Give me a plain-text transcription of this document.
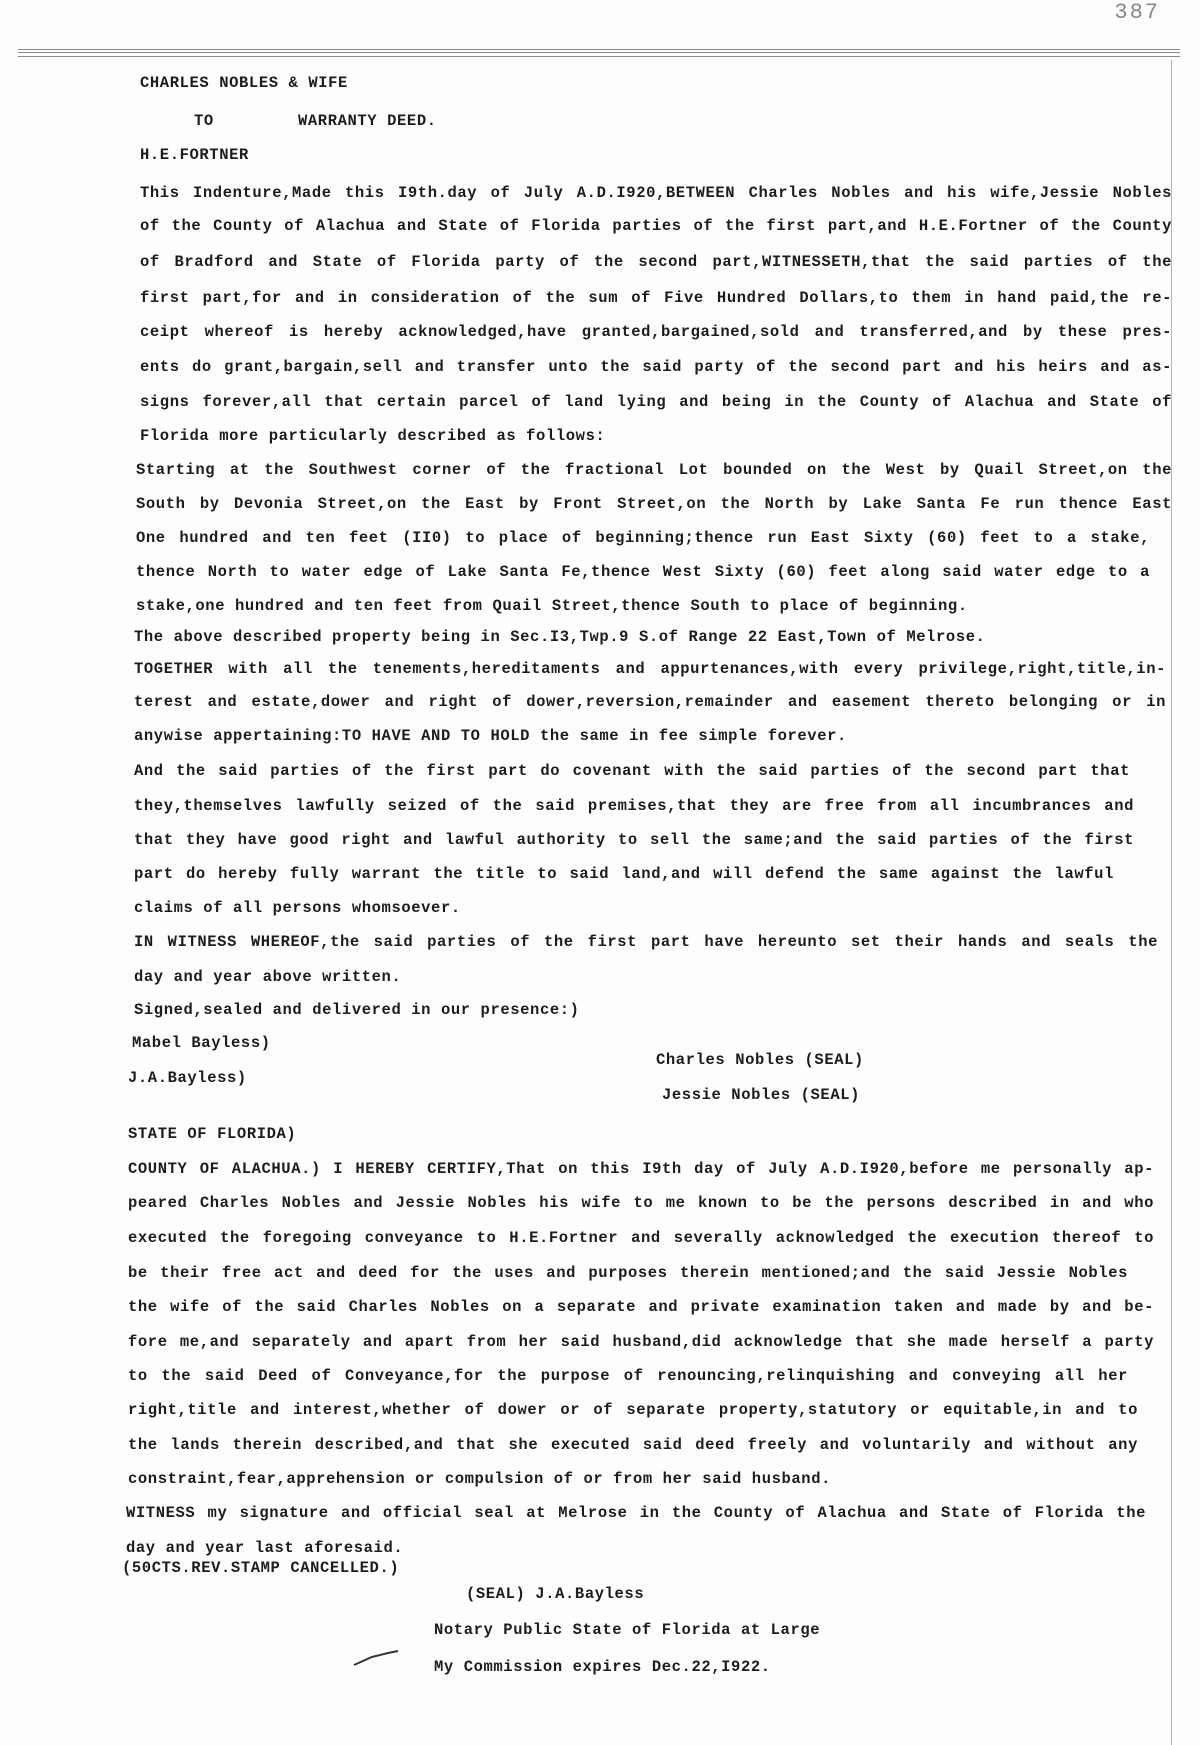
387
CHARLES NOBLES & WIFE
TO	WARRANTY DEED.
H.E.FORTNER
This Indenture,Made this I9th.day of July A.D.I920,BETWEEN Charles Nobles and his wife,Jessie Nobles
of the County of Alachua and State of Florida parties of the first part,and H.E.Fortner of the County
of Bradford and State of Florida party of the second part,WITNESSETH,that the said parties of the
first part,for and in consideration of the sum of Five Hundred Dollars,to them in hand paid,the re-
ceipt whereof is hereby acknowledged,have granted,bargained,sold and transferred,and by these pres-
ents do grant,bargain,sell and transfer unto the said party of the second part and his heirs and as-
signs forever,all that certain parcel of land lying and being in the County of Alachua and State of
Florida more particularly described as follows:
Starting at the Southwest corner of the fractional Lot bounded on the West by Quail Street,on the
South by Devonia Street,on the East by Front Street,on the North by Lake Santa Fe run thence East
One hundred and ten feet (II0) to place of beginning;thence run East Sixty (60) feet to a stake,
thence North to water edge of Lake Santa Fe,thence West Sixty (60) feet along said water edge to a
stake,one hundred and ten feet from Quail Street,thence South to place of beginning.
The above described property being in Sec.I3,Twp.9 S.of Range 22 East,Town of Melrose.
TOGETHER with all the tenements,hereditaments and appurtenances,with every privilege,right,title,in-
terest and estate,dower and right of dower,reversion,remainder and easement thereto belonging or in
anywise appertaining:TO HAVE AND TO HOLD the same in fee simple forever.
And the said parties of the first part do covenant with the said parties of the second part that
they,themselves lawfully seized of the said premises,that they are free from all incumbrances and
that they have good right and lawful authority to sell the same;and the said parties of the first
part do hereby fully warrant the title to said land,and will defend the same against the lawful
claims of all persons whomsoever.
IN WITNESS WHEREOF,the said parties of the first part have hereunto set their hands and seals the
day and year above written.
Signed,sealed and delivered in our presence:)
Mabel Bayless)
J.A.Bayless)
Charles Nobles (SEAL)
Jessie Nobles (SEAL)
STATE OF FLORIDA)
COUNTY OF ALACHUA.) I HEREBY CERTIFY,That on this I9th day of July A.D.I920,before me personally ap-
peared Charles Nobles and Jessie Nobles his wife to me known to be the persons described in and who
executed the foregoing conveyance to H.E.Fortner and severally acknowledged the execution thereof to
be their free act and deed for the uses and purposes therein mentioned;and the said Jessie Nobles
the wife of the said Charles Nobles on a separate and private examination taken and made by and be-
fore me,and separately and apart from her said husband,did acknowledge that she made herself a party
to the said Deed of Conveyance,for the purpose of renouncing,relinquishing and conveying all her
right,title and interest,whether of dower or of separate property,statutory or equitable,in and to
the lands therein described,and that she executed said deed freely and voluntarily and without any
constraint,fear,apprehension or compulsion of or from her said husband.
WITNESS my signature and official seal at Melrose in the County of Alachua and State of Florida the
day and year last aforesaid.
(50CTS.REV.STAMP CANCELLED.)
(SEAL) J.A.Bayless
Notary Public State of Florida at Large
My Commission expires Dec.22,I922.
